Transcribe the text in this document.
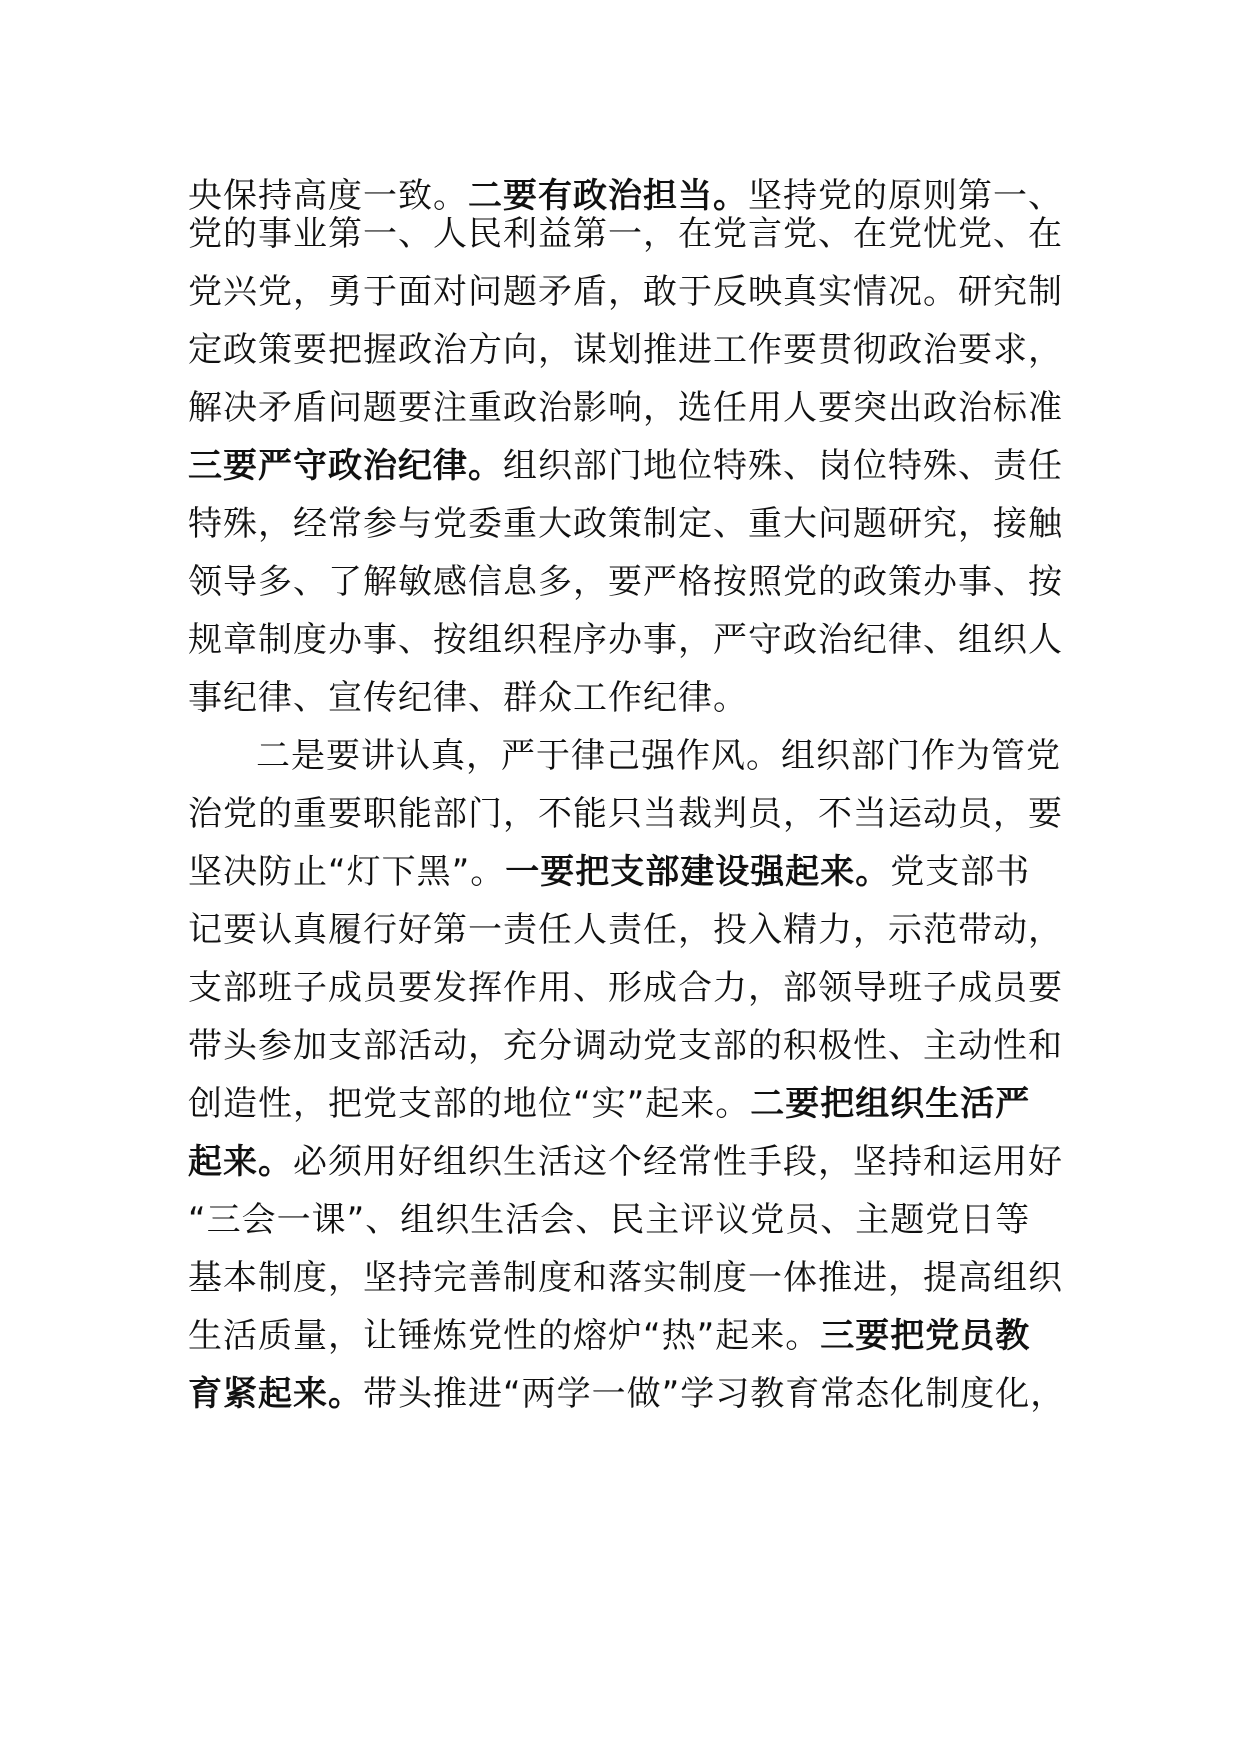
央保持高度一致。二要有政治担当。坚持党的原则第一、
党的事业第一、人民利益第一，在党言党、在党忧党、在
党兴党，勇于面对问题矛盾，敢于反映真实情况。研究制
定政策要把握政治方向，谋划推进工作要贯彻政治要求，
解决矛盾问题要注重政治影响，选任用人要突出政治标准
三要严守政治纪律。组织部门地位特殊、岗位特殊、责任
特殊，经常参与党委重大政策制定、重大问题研究，接触
领导多、了解敏感信息多，要严格按照党的政策办事、按
规章制度办事、按组织程序办事，严守政治纪律、组织人
事纪律、宣传纪律、群众工作纪律。
二是要讲认真，严于律己强作风。组织部门作为管党
治党的重要职能部门，不能只当裁判员，不当运动员，要
坚决防止“灯下黑”。一要把支部建设强起来。党支部书
记要认真履行好第一责任人责任，投入精力，示范带动，
支部班子成员要发挥作用、形成合力，部领导班子成员要
带头参加支部活动，充分调动党支部的积极性、主动性和
创造性，把党支部的地位“实”起来。二要把组织生活严
起来。必须用好组织生活这个经常性手段，坚持和运用好
“三会一课”、组织生活会、民主评议党员、主题党日等
基本制度，坚持完善制度和落实制度一体推进，提高组织
生活质量，让锤炼党性的熔炉“热”起来。三要把党员教
育紧起来。带头推进“两学一做”学习教育常态化制度化，
